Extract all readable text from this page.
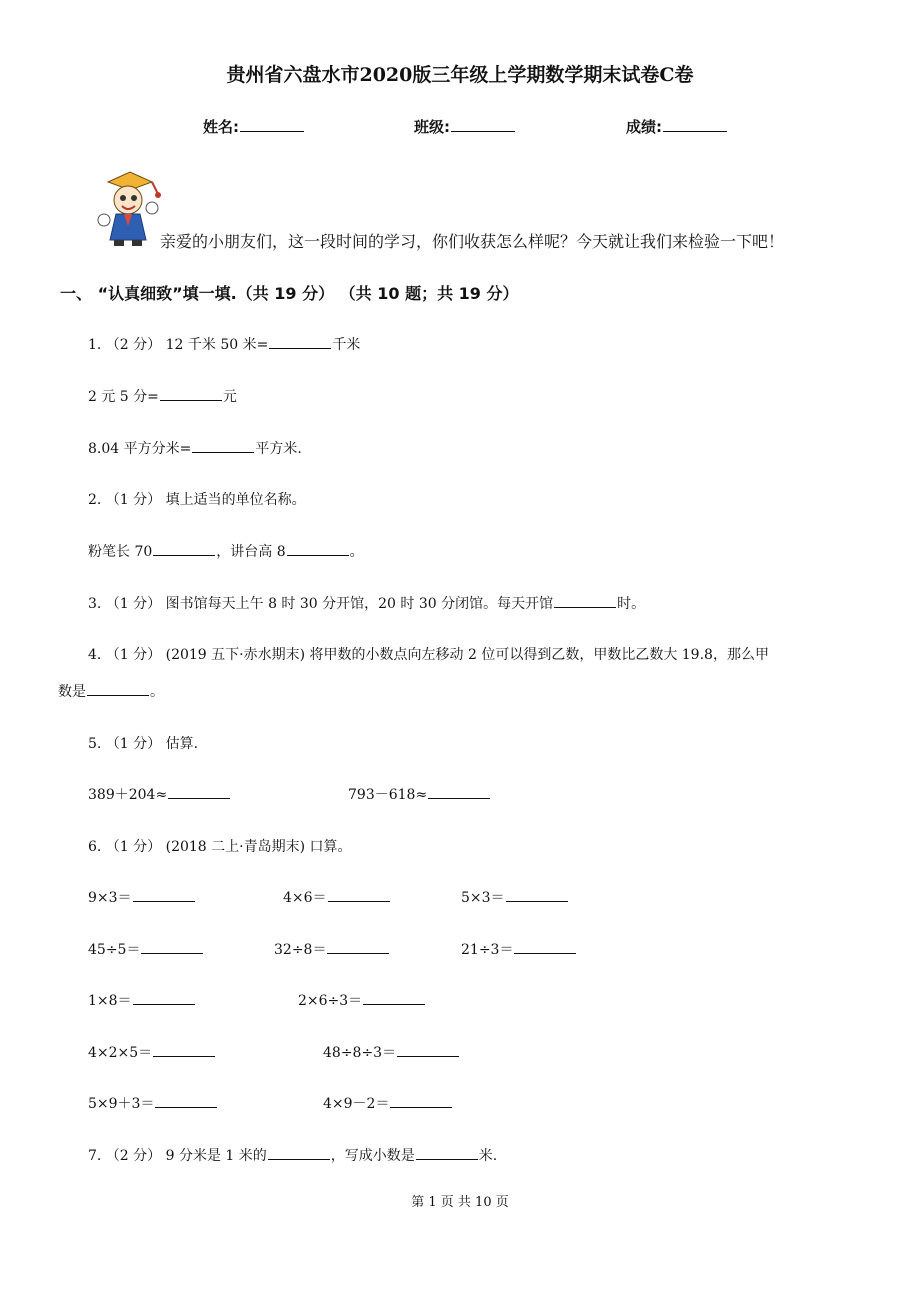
贵州省六盘水市2020版三年级上学期数学期末试卷C卷
姓名:	班级:	成绩:
亲爱的小朋友们，这一段时间的学习，你们收获怎么样呢？今天就让我们来检验一下吧！
一、 “认真细致”填一填.（共 19 分） （共 10 题；共 19 分）
1. （2 分） 12 千米 50 米=	千米
2 元 5 分=	元
8.04 平方分米=	平方米.
2. （1 分） 填上适当的单位名称。
粉笔长 70	，讲台高 8	。
3. （1 分） 图书馆每天上午 8 时 30 分开馆，20 时 30 分闭馆。每天开馆	时。
4. （1 分） (2019 五下·赤水期末) 将甲数的小数点向左移动 2 位可以得到乙数，甲数比乙数大 19.8，那么甲
数是	。
5. （1 分） 估算.
389＋204≈	793－618≈
6. （1 分） (2018 二上·青岛期末) 口算。
9×3＝	4×6＝	5×3＝
45÷5＝	32÷8＝	21÷3＝
1×8＝	2×6÷3＝
4×2×5＝	48÷8÷3＝
5×9＋3＝	4×9－2＝
7. （2 分） 9 分米是 1 米的	，写成小数是	米.
第 1 页 共 10 页
